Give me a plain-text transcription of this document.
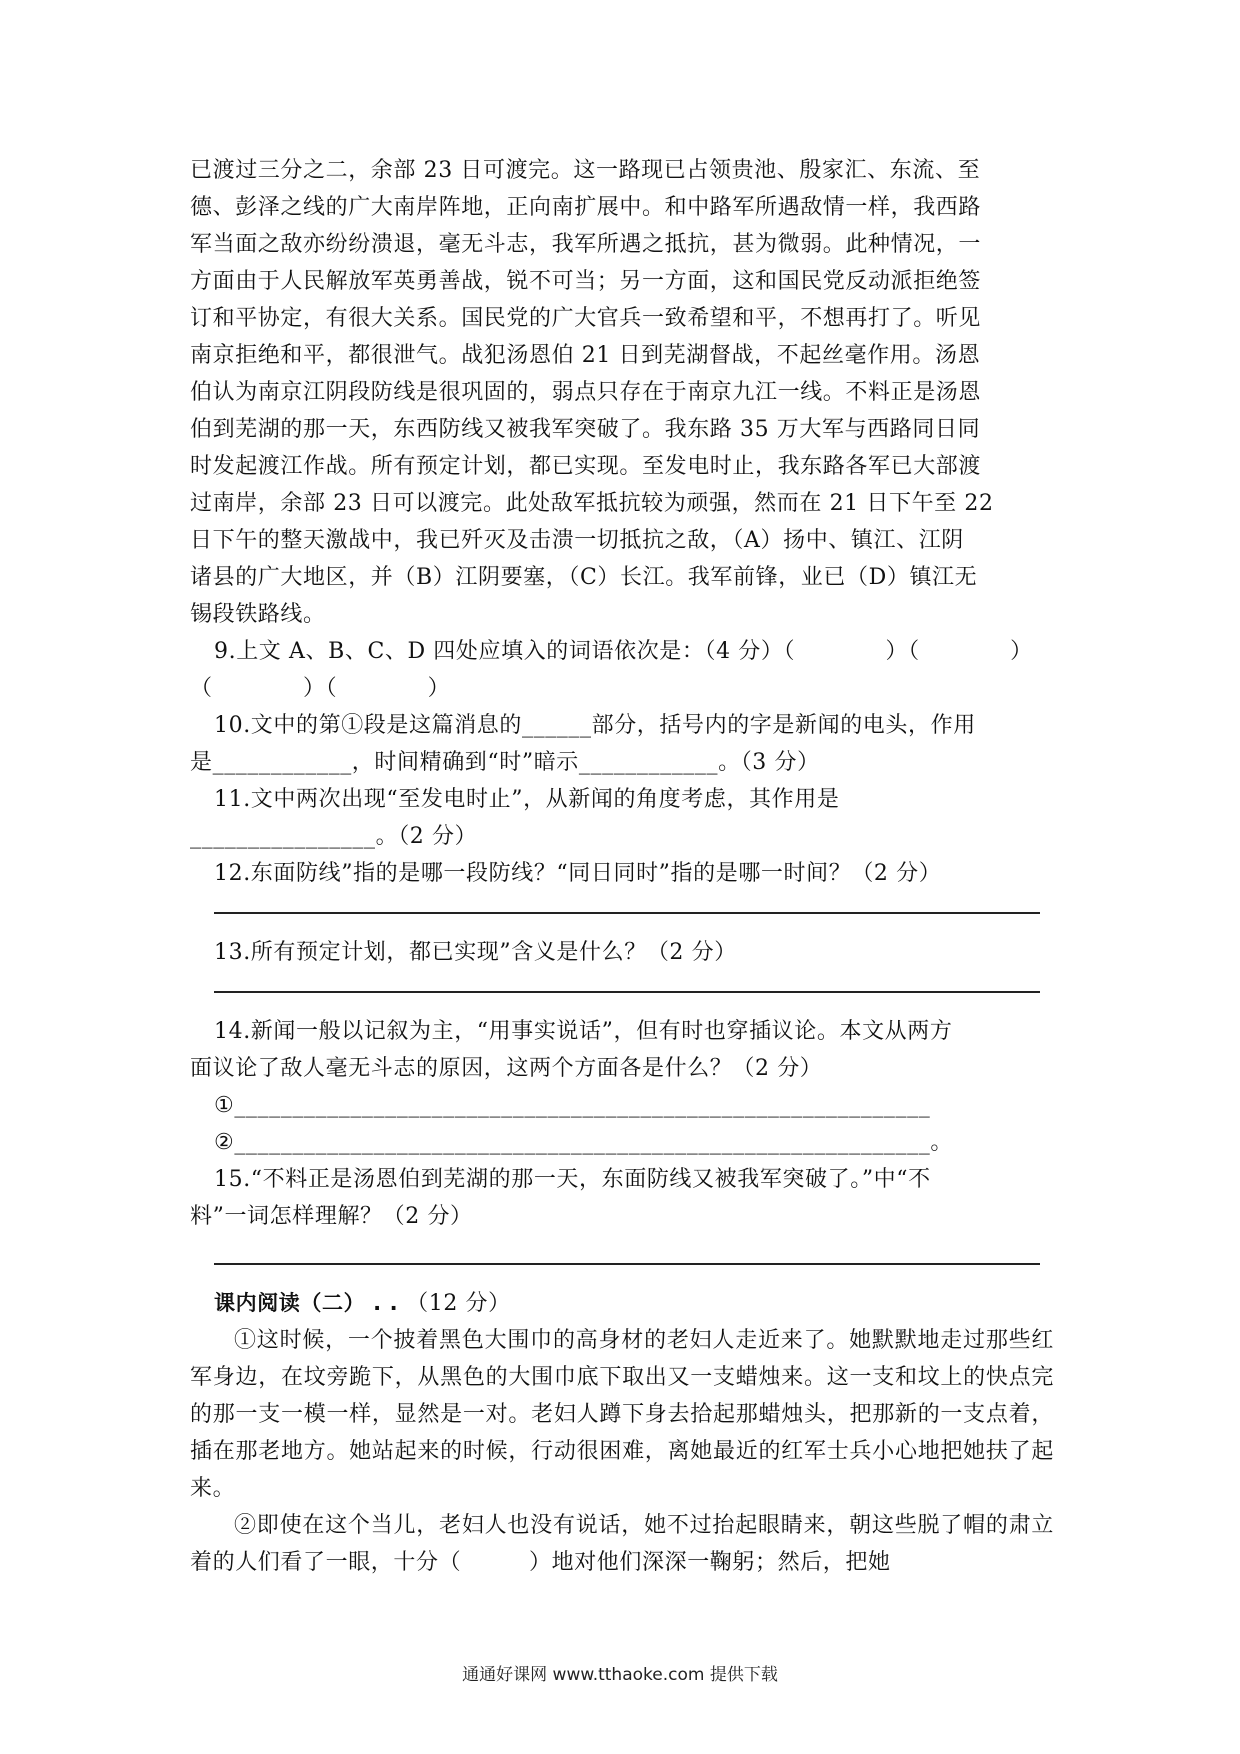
已渡过三分之二，余部 23 日可渡完。这一路现已占领贵池、殷家汇、东流、至

德、彭泽之线的广大南岸阵地，正向南扩展中。和中路军所遇敌情一样，我西路

军当面之敌亦纷纷溃退，毫无斗志，我军所遇之抵抗，甚为微弱。此种情况，一

方面由于人民解放军英勇善战，锐不可当；另一方面，这和国民党反动派拒绝签

订和平协定，有很大关系。国民党的广大官兵一致希望和平，不想再打了。听见

南京拒绝和平，都很泄气。战犯汤恩伯 21 日到芜湖督战，不起丝毫作用。汤恩

伯认为南京江阴段防线是很巩固的，弱点只存在于南京九江一线。不料正是汤恩

伯到芜湖的那一天，东西防线又被我军突破了。我东路 35 万大军与西路同日同

时发起渡江作战。所有预定计划，都已实现。至发电时止，我东路各军已大部渡

过南岸，余部 23 日可以渡完。此处敌军抵抗较为顽强，然而在 21 日下午至 22

日下午的整天激战中，我已歼灭及击溃一切抵抗之敌，（A）扬中、镇江、江阴

诸县的广大地区，并（B）江阴要塞，（C）长江。我军前锋，业已（D）镇江无

锡段铁路线。

9.上文 A、B、C、D 四处应填入的词语依次是：（4 分）（　　　　）（　　　　）

（　　　　）（　　　　）

10.文中的第①段是这篇消息的______部分，括号内的字是新闻的电头，作用

是____________，时间精确到“时”暗示____________。（3 分）

11.文中两次出现“至发电时止”，从新闻的角度考虑，其作用是

________________。（2 分）

12.东面防线”指的是哪一段防线？“同日同时”指的是哪一时间？（2 分）

13.所有预定计划，都已实现”含义是什么？（2 分）

14.新闻一般以记叙为主，“用事实说话”，但有时也穿插议论。本文从两方

面议论了敌人毫无斗志的原因，这两个方面各是什么？（2 分）

①____________________________________________________________

②____________________________________________________________。

15.“不料正是汤恩伯到芜湖的那一天，东面防线又被我军突破了。”中“不

料”一词怎样理解？（2 分）

课内阅读（二） . . （12 分）

①这时候，一个披着黑色大围巾的高身材的老妇人走近来了。她默默地走过那些红军身边，在坟旁跪下，从黑色的大围巾底下取出又一支蜡烛来。这一支和坟上的快点完的那一支一模一样，显然是一对。老妇人蹲下身去拾起那蜡烛头，把那新的一支点着，插在那老地方。她站起来的时候，行动很困难，离她最近的红军士兵小心地把她扶了起来。

②即使在这个当儿，老妇人也没有说话，她不过抬起眼睛来，朝这些脱了帽的肃立着的人们看了一眼，十分（　　　）地对他们深深一鞠躬；然后，把她

通通好课网 www.tthaoke.com 提供下载
